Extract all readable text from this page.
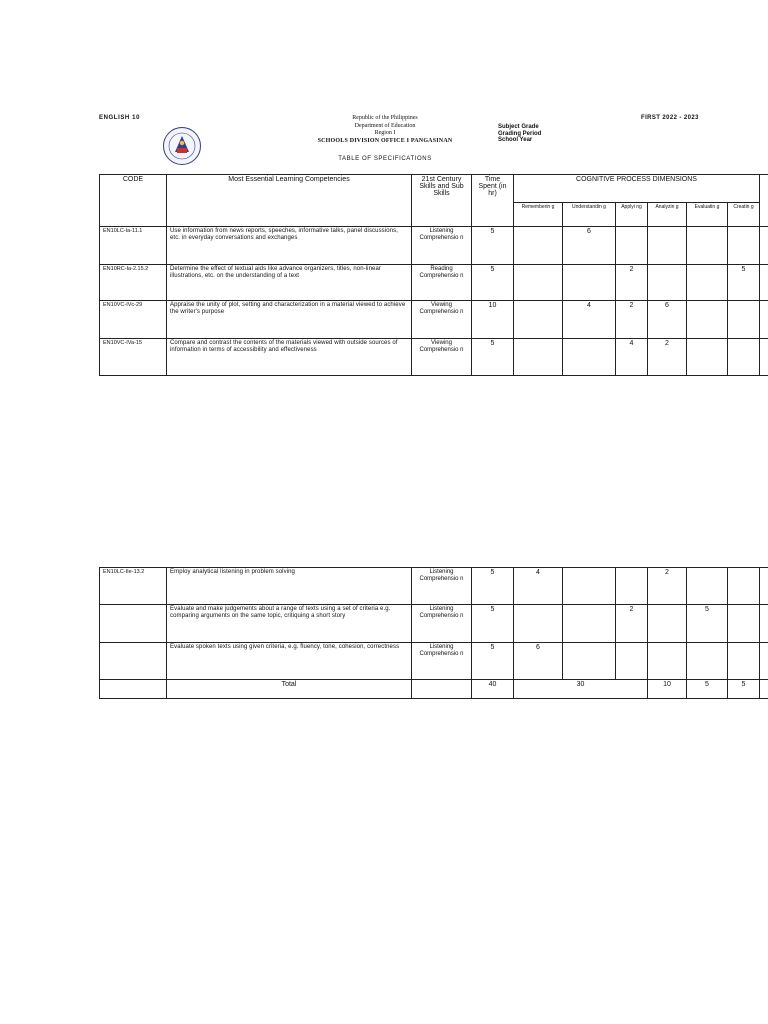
ENGLISH 10	FIRST 2022 - 2023
Republic of the Philippines
Department of Education
Region I
SCHOOLS DIVISION OFFICE I PANGASINAN
Subject Grade
Grading Period
School Year
TABLE OF SPECIFICATIONS
CODE	Most Essential Learning Competencies	21st Century Skills and Sub Skills	Time Spent (in hr)	COGNITIVE PROCESS DIMENSIONS						
				Rememberin g	Understandin g	Applyi ng	Analyzin g	Evaluatin g	Creatin g	
EN10LC-Ia-11.1	Use information from news reports, speeches, informative talks, panel discussions, etc. in everyday conversations and exchanges	Listening Comprehensio n	5		6					
EN10RC-Ia-2.15.2	Determine the effect of textual aids like advance organizers, titles, non-linear illustrations, etc. on the understanding of a text	Reading Comprehensio n	5			2			5	
EN10VC-IVc-29	Appraise the unity of plot, setting and characterization in a material viewed to achieve the writer's purpose	Viewing Comprehensio n	10		4	2	6			
EN10VC-IVa-15	Compare and contrast the contents of the materials viewed with outside sources of information in terms of accessibility and effectiveness	Viewing Comprehensio n	5			4	2			
EN10LC-IIe-13.2	Employ analytical listening in problem solving	Listening Comprehensio n	5	4			2			
	Evaluate and make judgements about a range of texts using a set of criteria e.g. comparing arguments on the same topic, critiquing a short story	Listening Comprehensio n	5			2		5		
	Evaluate spoken texts using given criteria, e.g. fluency, tone, cohesion, correctness	Listening Comprehensio n	5	6						
	Total		40	30			10	5	5	
